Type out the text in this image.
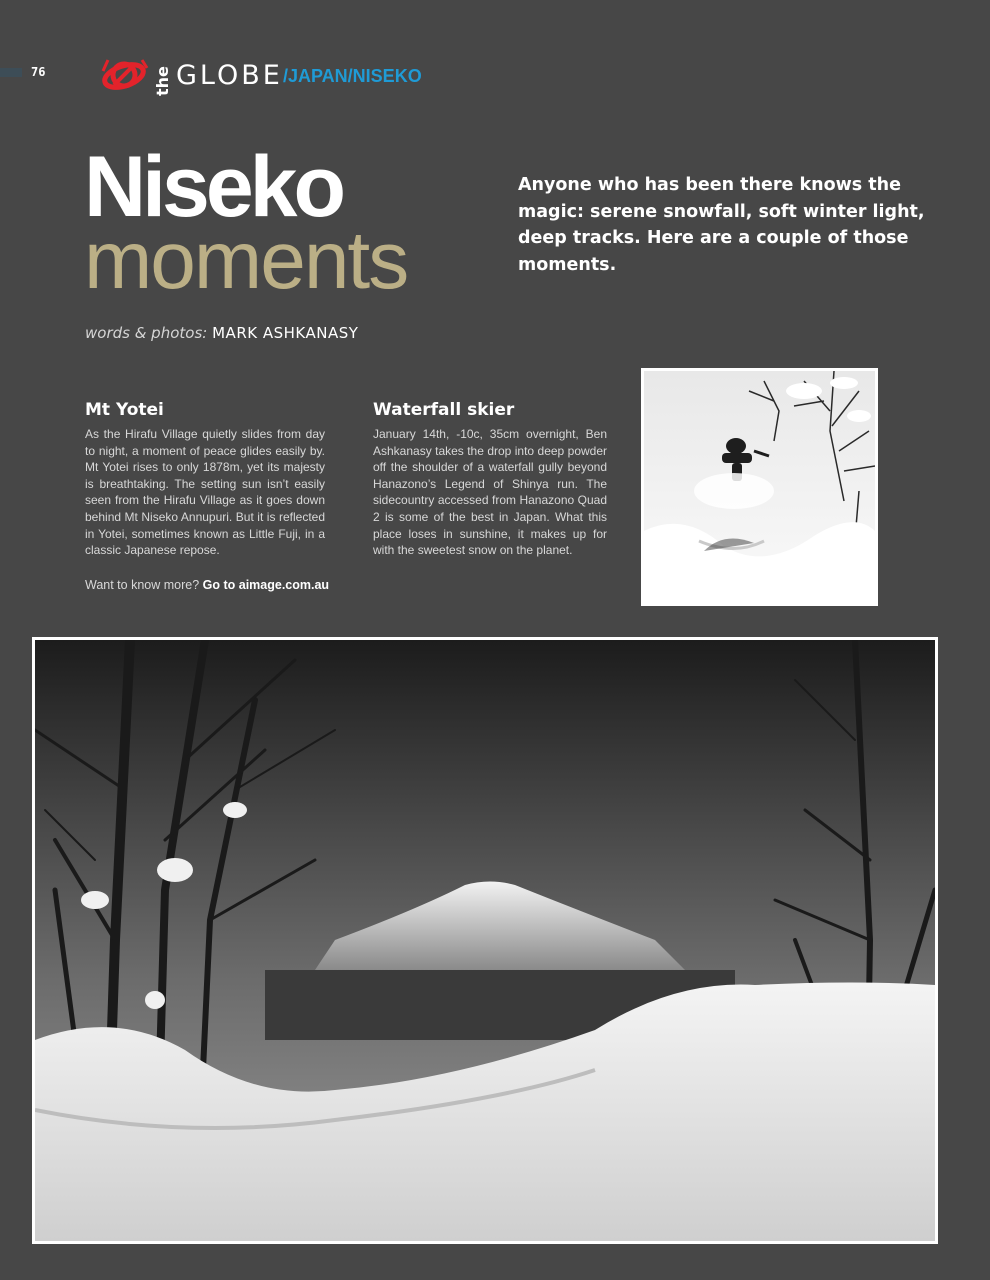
76	the GLOBE /JAPAN/NISEKO
Niseko
moments
Anyone who has been there knows the magic: serene snowfall, soft winter light, deep tracks. Here are a couple of those moments.
words & photos: MARK ASHKANASY
Mt Yotei

As the Hirafu Village quietly slides from day to night, a moment of peace glides easily by. Mt Yotei rises to only 1878m, yet its majesty is breathtaking. The setting sun isn’t easily seen from the Hirafu Village as it goes down behind Mt Niseko Annupuri. But it is reflected in Yotei, sometimes known as Little Fuji, in a classic Japanese repose.

Waterfall skier

January 14th, -10c, 35cm overnight, Ben Ashkanasy takes the drop into deep powder off the shoulder of a waterfall gully beyond Hanazono’s Legend of Shinya run. The sidecountry accessed from Hanazono Quad 2 is some of the best in Japan. What this place loses in sunshine, it makes up for with the sweetest snow on the planet.

Want to know more? Go to aimage.com.au
